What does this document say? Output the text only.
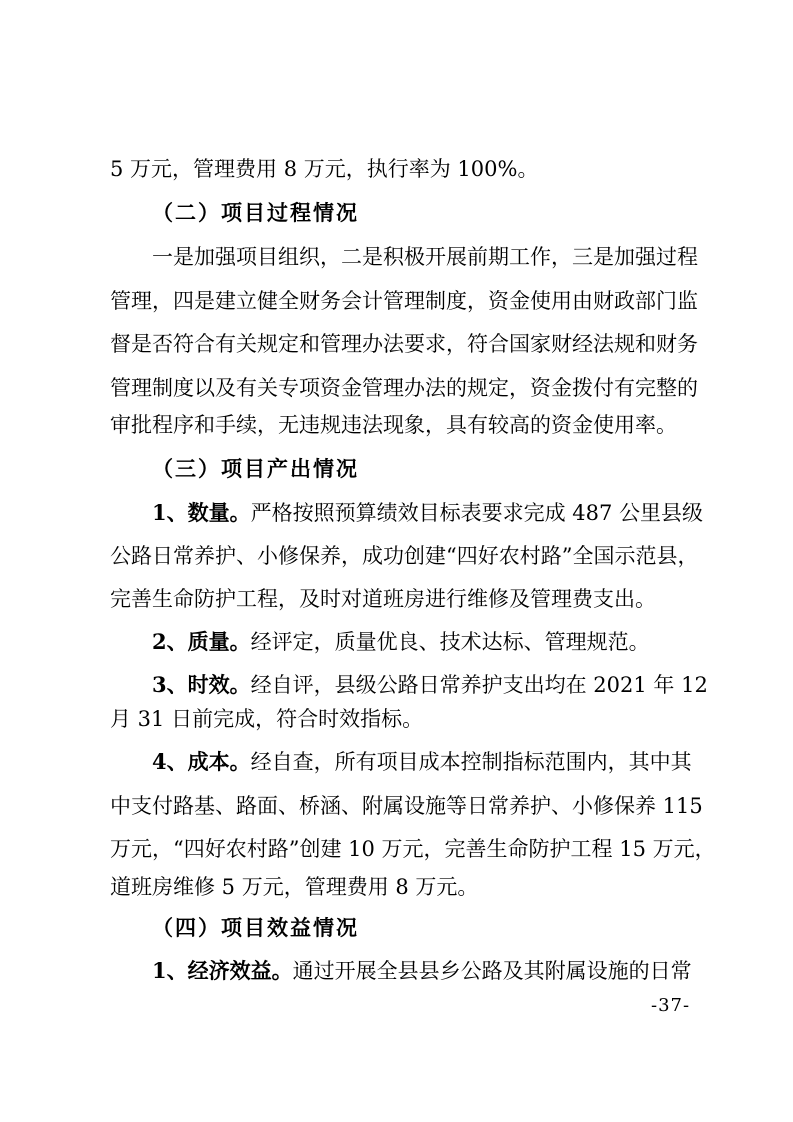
5 万元，管理费用 8 万元，执行率为 100%。

（二）项目过程情况

一是加强项目组织，二是积极开展前期工作，三是加强过程

管理，四是建立健全财务会计管理制度，资金使用由财政部门监

督是否符合有关规定和管理办法要求，符合国家财经法规和财务

管理制度以及有关专项资金管理办法的规定，资金拨付有完整的

审批程序和手续，无违规违法现象，具有较高的资金使用率。

（三）项目产出情况

1、数量。严格按照预算绩效目标表要求完成 487 公里县级

公路日常养护、小修保养，成功创建“四好农村路”全国示范县，

完善生命防护工程，及时对道班房进行维修及管理费支出。

2、质量。经评定，质量优良、技术达标、管理规范。

3、时效。经自评，县级公路日常养护支出均在 2021 年 12

月 31 日前完成，符合时效指标。

4、成本。经自查，所有项目成本控制指标范围内，其中其

中支付路基、路面、桥涵、附属设施等日常养护、小修保养 115

万元，“四好农村路”创建 10 万元，完善生命防护工程 15 万元，

道班房维修 5 万元，管理费用 8 万元。

（四）项目效益情况

1、经济效益。通过开展全县县乡公路及其附属设施的日常

-37-
